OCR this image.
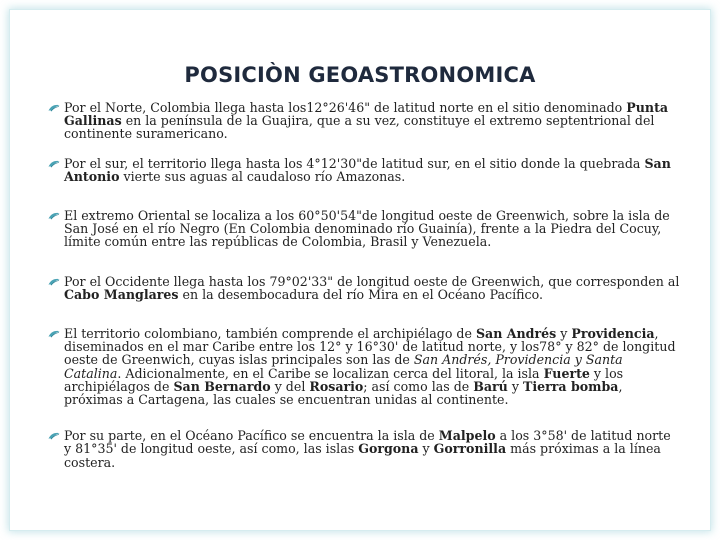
POSICIÒN GEOASTRONOMICA
Por el Norte, Colombia llega hasta los12°26'46" de latitud norte en el sitio denominado Punta Gallinas en la península de la Guajira, que a su vez, constituye el extremo septentrional del continente suramericano.
Por el sur, el territorio llega hasta los 4°12'30"de latitud sur, en el sitio donde la quebrada San Antonio vierte sus aguas al caudaloso río Amazonas.
El extremo Oriental se localiza a los 60°50'54"de longitud oeste de Greenwich, sobre la isla de San José en el río Negro (En Colombia denominado río Guainía), frente a la Piedra del Cocuy, límite común entre las repúblicas de Colombia, Brasil y Venezuela.
Por el Occidente llega hasta los 79°02'33" de longitud oeste de Greenwich, que corresponden al Cabo Manglares en la desembocadura del río Mira en el Océano Pacífico.
El territorio colombiano, también comprende el archipiélago de San Andrés y Providencia, diseminados en el mar Caribe entre los 12° y 16°30' de latitud norte, y los78° y 82° de longitud oeste de Greenwich, cuyas islas principales son las de San Andrés, Providencia y Santa Catalina. Adicionalmente, en el Caribe se localizan cerca del litoral, la isla Fuerte y los archipiélagos de San Bernardo y del Rosario; así como las de Barú y Tierra bomba, próximas a Cartagena, las cuales se encuentran unidas al continente.
Por su parte, en el Océano Pacífico se encuentra la isla de Malpelo a los 3°58' de latitud norte y 81°35' de longitud oeste, así como, las islas Gorgona y Gorronilla más próximas a la línea costera.
